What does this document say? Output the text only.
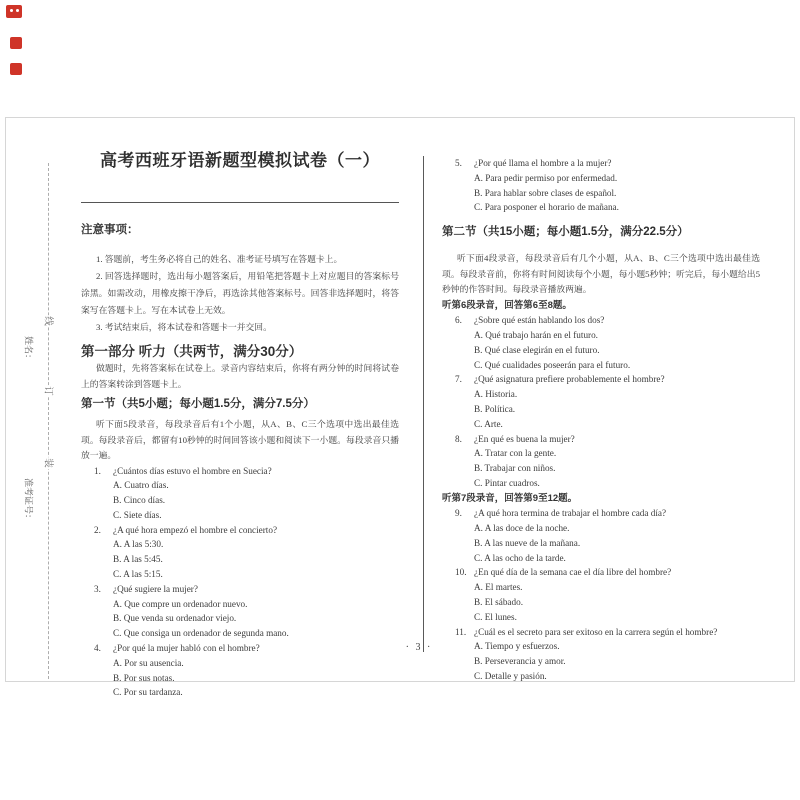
线
订
装
姓名：
准考证号：
高考西班牙语新题型模拟试卷（一）
注意事项：

1. 答题前，考生务必将自己的姓名、准考证号填写在答题卡上。

2. 回答选择题时，选出每小题答案后，用铅笔把答题卡上对应题目的答案标号涂黑。如需改动，用橡皮擦干净后，再选涂其他答案标号。回答非选择题时，将答案写在答题卡上。写在本试卷上无效。

3. 考试结束后，将本试卷和答题卡一并交回。

第一部分 听力（共两节，满分30分）

做题时，先将答案标在试卷上。录音内容结束后，你将有两分钟的时间将试卷上的答案转涂到答题卡上。

第一节（共5小题；每小题1.5分，满分7.5分）

听下面5段录音，每段录音后有1个小题，从A、B、C三个选项中选出最佳选项。每段录音后，都留有10秒钟的时间回答该小题和阅读下一小题。每段录音只播放一遍。

1.	¿Cuántos días estuvo el hombre en Suecia?
A. Cuatro días.
B. Cinco días.
C. Siete días.
2.	¿A qué hora empezó el hombre el concierto?
A. A las 5:30.
B. A las 5:45.
C. A las 5:15.
3.	¿Qué sugiere la mujer?
A. Que compre un ordenador nuevo.
B. Que venda su ordenador viejo.
C. Que consiga un ordenador de segunda mano.
4.	¿Por qué la mujer habló con el hombre?
A. Por su ausencia.
B. Por sus notas.
C. Por su tardanza.
5.	¿Por qué llama el hombre a la mujer?
A. Para pedir permiso por enfermedad.
B. Para hablar sobre clases de español.
C. Para posponer el horario de mañana.
第二节（共15小题；每小题1.5分，满分22.5分）

听下面4段录音，每段录音后有几个小题，从A、B、C三个选项中选出最佳选项。每段录音前，你将有时间阅读每个小题，每小题5秒钟；听完后，每小题给出5秒钟的作答时间。每段录音播放两遍。

听第6段录音，回答第6至8题。
6.	¿Sobre qué están hablando los dos?
A. Qué trabajo harán en el futuro.
B. Qué clase elegirán en el futuro.
C. Qué cualidades poseerán para el futuro.
7.	¿Qué asignatura prefiere probablemente el hombre?
A. Historia.
B. Política.
C. Arte.
8.	¿En qué es buena la mujer?
A. Tratar con la gente.
B. Trabajar con niños.
C. Pintar cuadros.
听第7段录音，回答第9至12题。
9.	¿A qué hora termina de trabajar el hombre cada día?
A. A las doce de la noche.
B. A las nueve de la mañana.
C. A las ocho de la tarde.
10. ¿En qué día de la semana cae el día libre del hombre?
A. El martes.
B. El sábado.
C. El lunes.
11. ¿Cuál es el secreto para ser exitoso en la carrera según el hombre?
A. Tiempo y esfuerzos.
B. Perseverancia y amor.
C. Detalle y pasión.
· 3 ·
